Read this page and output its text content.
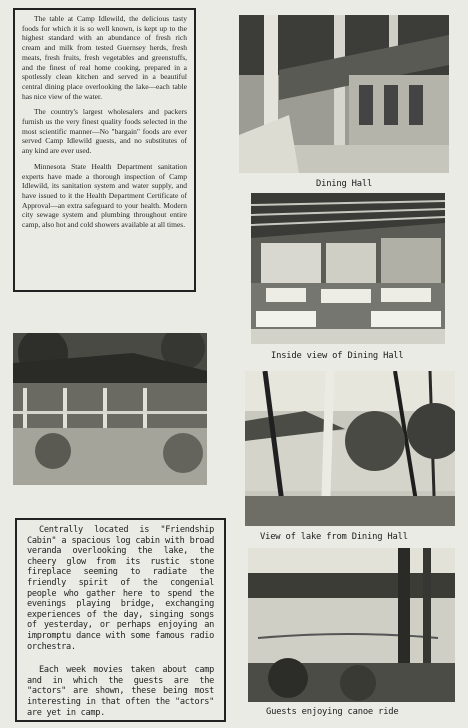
The table at Camp Idlewild, the delicious tasty foods for which it is so well known, is kept up to the highest standard with an abundance of fresh rich cream and milk from tested Guernsey herds, fresh meats, fresh fruits, fresh vegetables and greenstuffs, and the finest of real home cooking, prepared in a spotlessly clean kitchen and served in a beautiful central dining place overlooking the lake—each table has nice view of the water.

The country's largest wholesalers and packers furnish us the very finest quality foods selected in the most scientific manner—No "bargain" foods are ever served Camp Idlewild guests, and no substitutes of any kind are ever used.

Minnesota State Health Department sanitation experts have made a thorough inspection of Camp Idlewild, its sanitation system and water supply, and have issued to it the Health Department Certificate of Approval—an extra safeguard to your health. Modern city sewage system and plumbing throughout entire camp, also hot and cold showers available at all times.

Dining Hall
Inside view of Dining Hall
View of lake from Dining Hall
Guests enjoying canoe ride

Centrally located is "Friendship Cabin" a spacious log cabin with broad veranda overlooking the lake, the cheery glow from its rustic stone fireplace seeming to radiate the friendly spirit of the congenial people who gather here to spend the evenings playing bridge, exchanging experiences of the day, singing songs of yesterday, or perhaps enjoying an impromptu dance with some famous radio orchestra.

Each week movies taken about camp and in which the guests are the "actors" are shown, these being most interesting in that often the "actors" are yet in camp.
